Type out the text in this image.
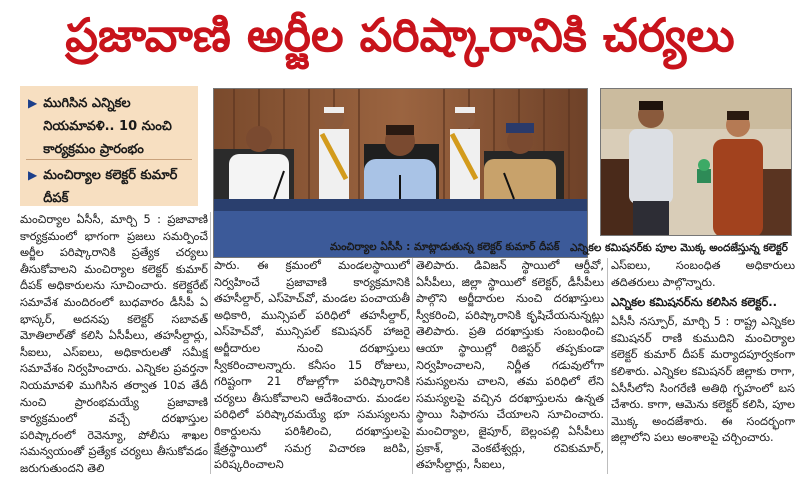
ప్రజావాణి అర్జీల పరిష్కారానికి చర్యలు
▶ ముగిసిన ఎన్నికల నియమావళి.. 10 నుంచి కార్యక్రమం ప్రారంభం
▶ మంచిర్యాల కలెక్టర్ కుమార్ దీపక్
మంచిర్యాల ఏసీసీ : మాట్లాడుతున్న కలెక్టర్ కుమార్ దీపక్ ఎన్నికల కమిషనర్‌కు పూల మొక్క అందజేస్తున్న కలెక్టర్
మంచిర్యాల ఏసీసీ, మార్చి 5 : ప్రజావాణి కార్యక్రమంలో భాగంగా ప్రజలు సమర్పించే అర్జీల పరిష్కారానికి ప్రత్యేక చర్యలు తీసుకోవాలని మంచిర్యాల కలెక్టర్ కుమార్ దీపక్ అధికారులను సూచించారు. కలెక్టరేట్ సమావేశ మందిరంలో బుధవారం డీసీపీ ఏ భాస్కర్, అదనపు కలెక్టర్ సబావత్ మోతిలాల్‌తో కలిసి ఏసీపీలు, తహసీల్దార్లు, సీఐలు, ఎస్‌ఐలు, అధికారులతో సమీక్ష సమావేశం నిర్వహించారు. ఎన్నికల ప్రవర్తనా నియమావళి ముగిసిన తర్వాత 10వ తేదీ నుంచి ప్రారంభమయ్యే ప్రజావాణి కార్యక్రమంలో వచ్చే దరఖాస్తుల పరిష్కారంలో రెవెన్యూ, పోలీసు శాఖల సమన్వయంతో ప్రత్యేక చర్యలు తీసుకోవడం జరుగుతుందని తెలి
పారు. ఈ క్రమంలో మండలస్థాయిలో నిర్వహించే ప్రజావాణి కార్యక్రమానికి తహసీల్దార్, ఎస్‌హెచ్‌వో, మండల పంచాయతీ అధికారి, మున్సిపల్ పరిధిలో తహసీల్దార్, ఎస్‌హెచ్‌వో, మున్సిపల్ కమిషనర్ హాజరై అర్జీదారుల నుంచి దరఖాస్తులు స్వీకరించాలన్నారు. కనీసం 15 రోజులు, గరిష్టంగా 21 రోజుల్లోగా పరిష్కారానికి చర్యలు తీసుకోవాలని ఆదేశించారు. మండల పరిధిలో పరిష్కారమయ్యే భూ సమస్యలను రికార్డులను పరిశీలించి, దరఖాస్తులపై క్షేత్రస్థాయిలో సమగ్ర విచారణ జరిపి, పరిష్కరించాలని
తెలిపారు. డివిజన్ స్థాయిలో ఆర్డీవో, ఏసీపీలు, జిల్లా స్థాయిలో కలెక్టర్, డీసీపీలు పాల్గొని అర్జీదారుల నుంచి దరఖాస్తులు స్వీకరించి, పరిష్కారానికి కృషిచేయనున్నట్లు తెలిపారు. ప్రతి దరఖాస్తుకు సంబంధించి ఆయా స్థాయిల్లో రిజిస్టర్ తప్పకుండా నిర్వహించాలని, నిర్ణీత గడువులోగా సమస్యలను చాలని, తమ పరిధిలో లేని సమస్యలపై వచ్చిన దరఖాస్తులను ఉన్నత స్థాయి సిఫారసు చేయాలని సూచించారు. మంచిర్యాల, జైపూర్, బెల్లంపల్లి ఏసీపీలు ప్రకాశ్, వెంకటేశ్వర్లు, రవికుమార్, తహసీల్దార్లు, సీఐలు,
ఎస్‌ఐలు, సంబంధిత అధికారులు తదితరులు పాల్గొన్నారు.
ఎన్నికల కమిషనర్‌ను కలిసిన కలెక్టర్..
ఏసీసీ నస్పూర్, మార్చి 5 : రాష్ట్ర ఎన్నికల కమిషనర్ రాణి కుముదిని మంచిర్యాల కలెక్టర్ కుమార్ దీపక్ మర్యాదపూర్వకంగా కలిశారు. ఎన్నికల కమిషనర్ జిల్లాకు రాగా, ఏసీసీలోని సింగరేణి అతిథి గృహంలో బస చేశారు. కాగా, ఆమెను కలెక్టర్ కలిసి, పూల మొక్క అందజేశారు. ఈ సందర్భంగా జిల్లాలోని పలు అంశాలపై చర్చించారు.
